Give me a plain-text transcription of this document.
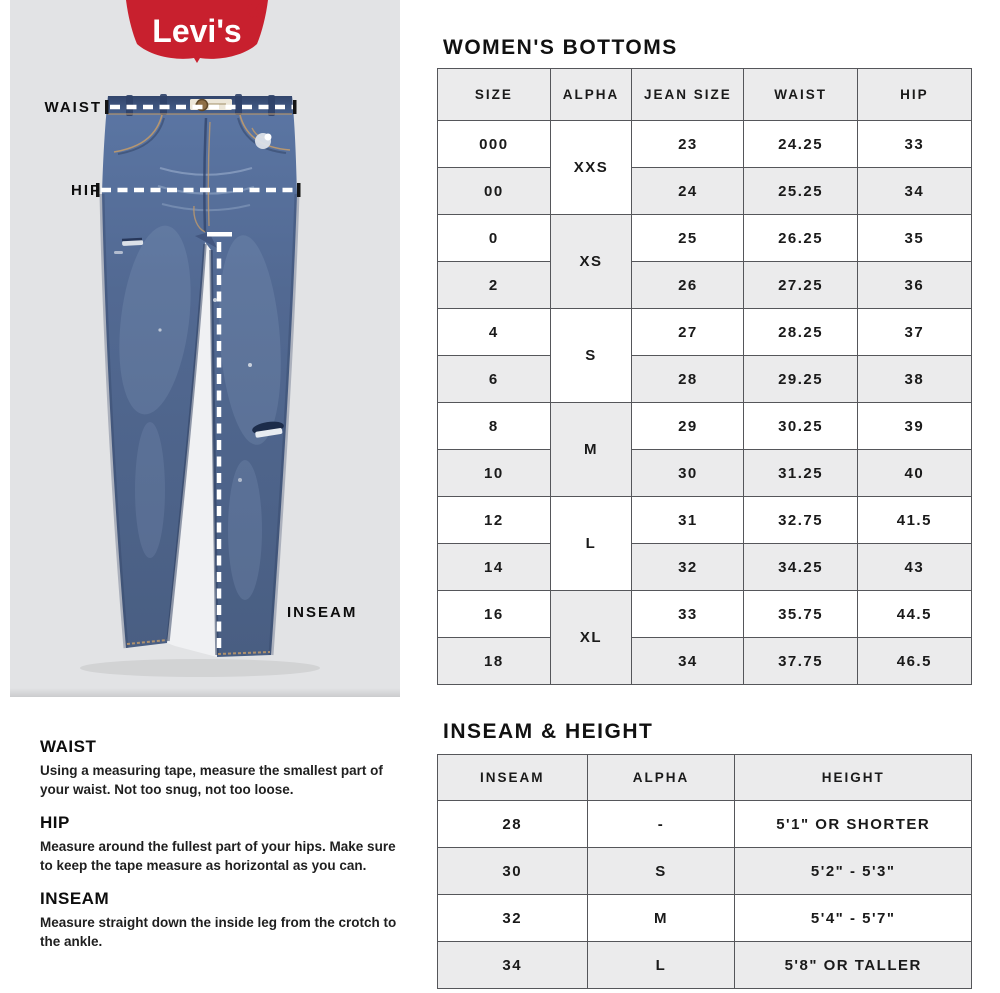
Levi's
®
WAIST
HIP
INSEAM
WOMEN'S BOTTOMS
SIZE	ALPHA	JEAN SIZE	WAIST	HIP
000	XXS	23	24.25	33
00		24	25.25	34
0	XS	25	26.25	35
2		26	27.25	36
4	S	27	28.25	37
6		28	29.25	38
8	M	29	30.25	39
10		30	31.25	40
12	L	31	32.75	41.5
14		32	34.25	43
16	XL	33	35.75	44.5
18		34	37.75	46.5
INSEAM & HEIGHT
INSEAM	ALPHA	HEIGHT
28	-	5'1" OR SHORTER
30	S	5'2" - 5'3"
32	M	5'4" - 5'7"
34	L	5'8" OR TALLER
WAIST

Using a measuring tape, measure the smallest part of your waist. Not too snug, not too loose.

HIP

Measure around the fullest part of your hips. Make sure to keep the tape measure as horizontal as you can.

INSEAM

Measure straight down the inside leg from the crotch to the ankle.
